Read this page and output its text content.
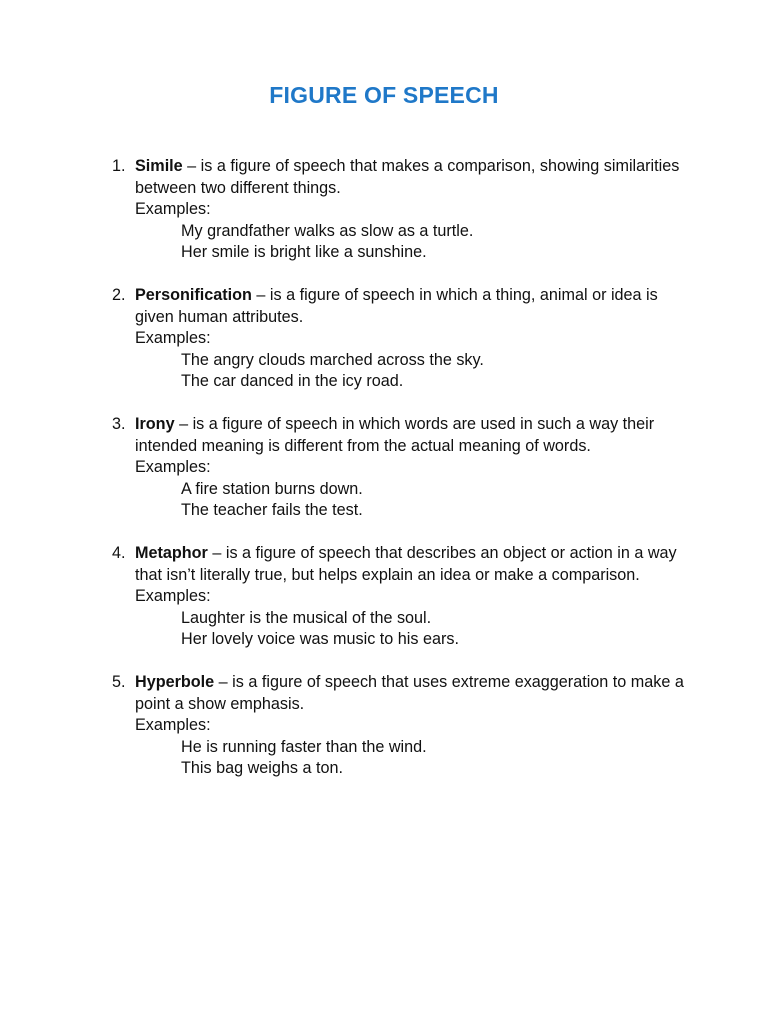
FIGURE OF SPEECH
1. Simile – is a figure of speech that makes a comparison, showing similarities between two different things.

Examples:

My grandfather walks as slow as a turtle.

Her smile is bright like a sunshine.

2. Personification – is a figure of speech in which a thing, animal or idea is given human attributes.

Examples:

The angry clouds marched across the sky.

The car danced in the icy road.

3. Irony – is a figure of speech in which words are used in such a way their intended meaning is different from the actual meaning of words.

Examples:

A fire station burns down.

The teacher fails the test.

4. Metaphor – is a figure of speech that describes an object or action in a way that isn’t literally true, but helps explain an idea or make a comparison.

Examples:

Laughter is the musical of the soul.

Her lovely voice was music to his ears.

5. Hyperbole – is a figure of speech that uses extreme exaggeration to make a point a show emphasis.

Examples:

He is running faster than the wind.

This bag weighs a ton.
